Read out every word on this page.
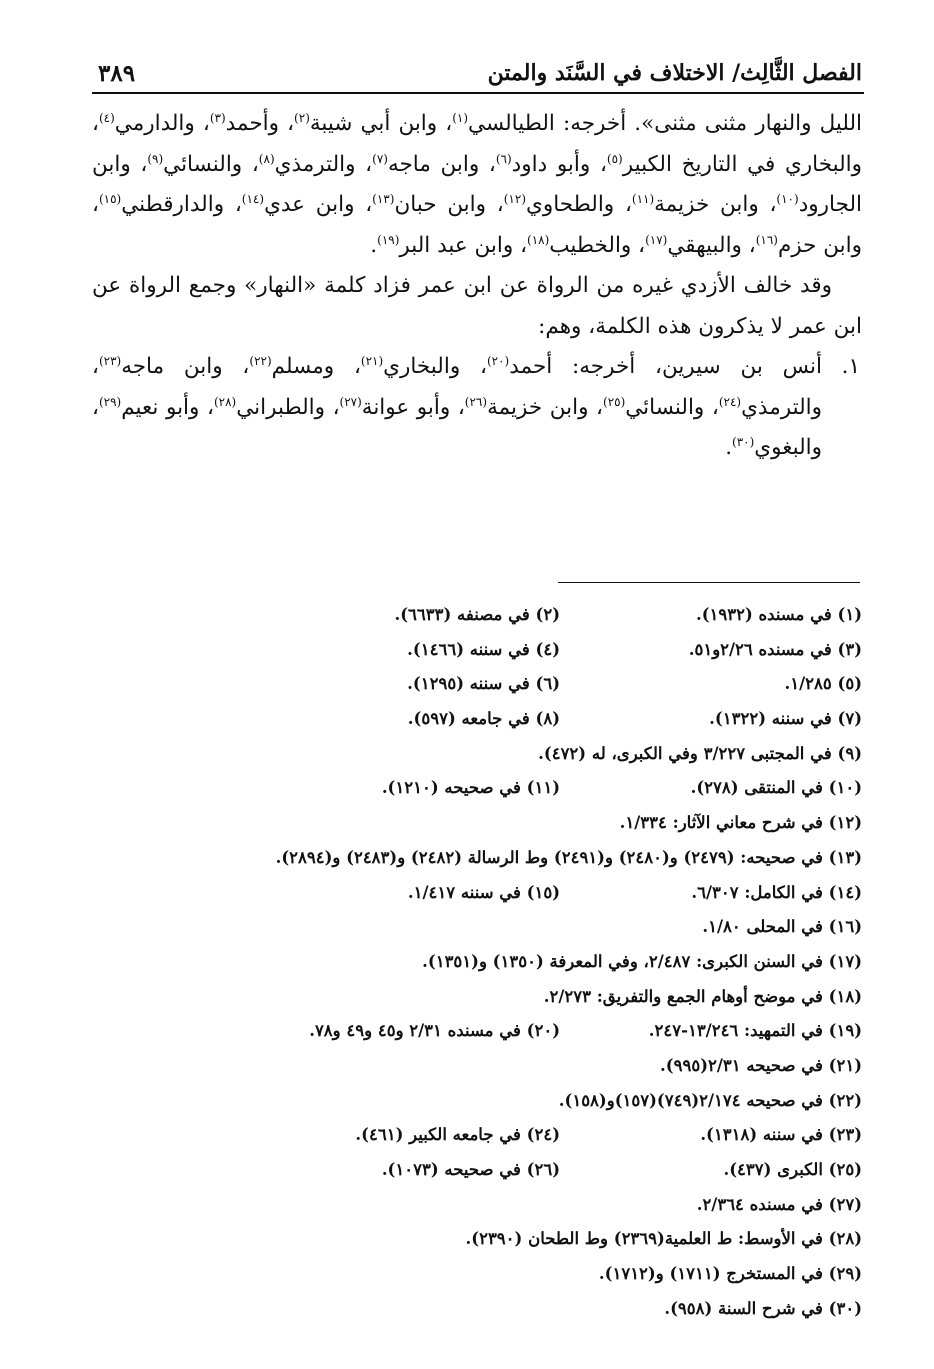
الفصل الثَّالِث/ الاختلاف في السَّنَد والمتن
٣٨٩

الليل والنهار مثنى مثنى». أخرجه: الطيالسي$^{(١)}$، وابن أبي شيبة$^{(٢)}$، وأحمد$^{(٣)}$، والدارمي$^{(٤)}$، والبخاري في التاريخ الكبير$^{(٥)}$، وأبو داود$^{(٦)}$، وابن ماجه$^{(٧)}$، والترمذي$^{(٨)}$، والنسائي$^{(٩)}$، وابن الجارود$^{(١٠)}$، وابن خزيمة$^{(١١)}$، والطحاوي$^{(١٢)}$، وابن حبان$^{(١٣)}$، وابن عدي$^{(١٤)}$، والدارقطني$^{(١٥)}$، وابن حزم$^{(١٦)}$، والبيهقي$^{(١٧)}$، والخطيب$^{(١٨)}$، وابن عبد البر$^{(١٩)}$.

وقد خالف الأزدي غيره من الرواة عن ابن عمر فزاد كلمة «النهار» وجمع الرواة عن ابن عمر لا يذكرون هذه الكلمة، وهم:

١.
أنس بن سيرين، أخرجه: أحمد$^{(٢٠)}$، والبخاري$^{(٢١)}$، ومسلم$^{(٢٢)}$، وابن ماجه$^{(٢٣)}$، والترمذي$^{(٢٤)}$، والنسائي$^{(٢٥)}$، وابن خزيمة$^{(٢٦)}$، وأبو عوانة$^{(٢٧)}$، والطبراني$^{(٢٨)}$، وأبو نعيم$^{(٢٩)}$، والبغوي$^{(٣٠)}$.

(١) في مسنده (١٩٣٢).
(٢) في مصنفه (٦٦٣٣).
(٣) في مسنده ٢/٢٦و٥١.
(٤) في سننه (١٤٦٦).
(٥) ١/٢٨٥.
(٦) في سننه (١٢٩٥).
(٧) في سننه (١٣٢٢).
(٨) في جامعه (٥٩٧).
(٩) في المجتبى ٣/٢٢٧ وفي الكبرى، له (٤٧٢).
(١٠) في المنتقى (٢٧٨).
(١١) في صحيحه (١٢١٠).
(١٢) في شرح معاني الآثار: ١/٣٣٤.
(١٣) في صحيحه: (٢٤٧٩) و(٢٤٨٠) و(٢٤٩١) وط الرسالة (٢٤٨٢) و(٢٤٨٣) و(٢٨٩٤).
(١٤) في الكامل: ٦/٣٠٧.
(١٥) في سننه ١/٤١٧.
(١٦) في المحلى ١/٨٠.
(١٧) في السنن الكبرى: ٢/٤٨٧، وفي المعرفة (١٣٥٠) و(١٣٥١).
(١٨) في موضح أوهام الجمع والتفريق: ٢/٢٧٣.
(١٩) في التمهيد: ١٣/٢٤٦-٢٤٧.
(٢٠) في مسنده ٢/٣١ و٤٥ و٤٩ و٧٨.
(٢١) في صحيحه ٢/٣١(٩٩٥).
(٢٢) في صحيحه ٢/١٧٤(٧٤٩)(١٥٧)و(١٥٨).
(٢٣) في سننه (١٣١٨).
(٢٤) في جامعه الكبير (٤٦١).
(٢٥) الكبرى (٤٣٧).
(٢٦) في صحيحه (١٠٧٣).
(٢٧) في مسنده ٢/٣٦٤.
(٢٨) في الأوسط: ط العلمية(٢٣٦٩) وط الطحان (٢٣٩٠).
(٢٩) في المستخرج (١٧١١) و(١٧١٢).
(٣٠) في شرح السنة (٩٥٨).
